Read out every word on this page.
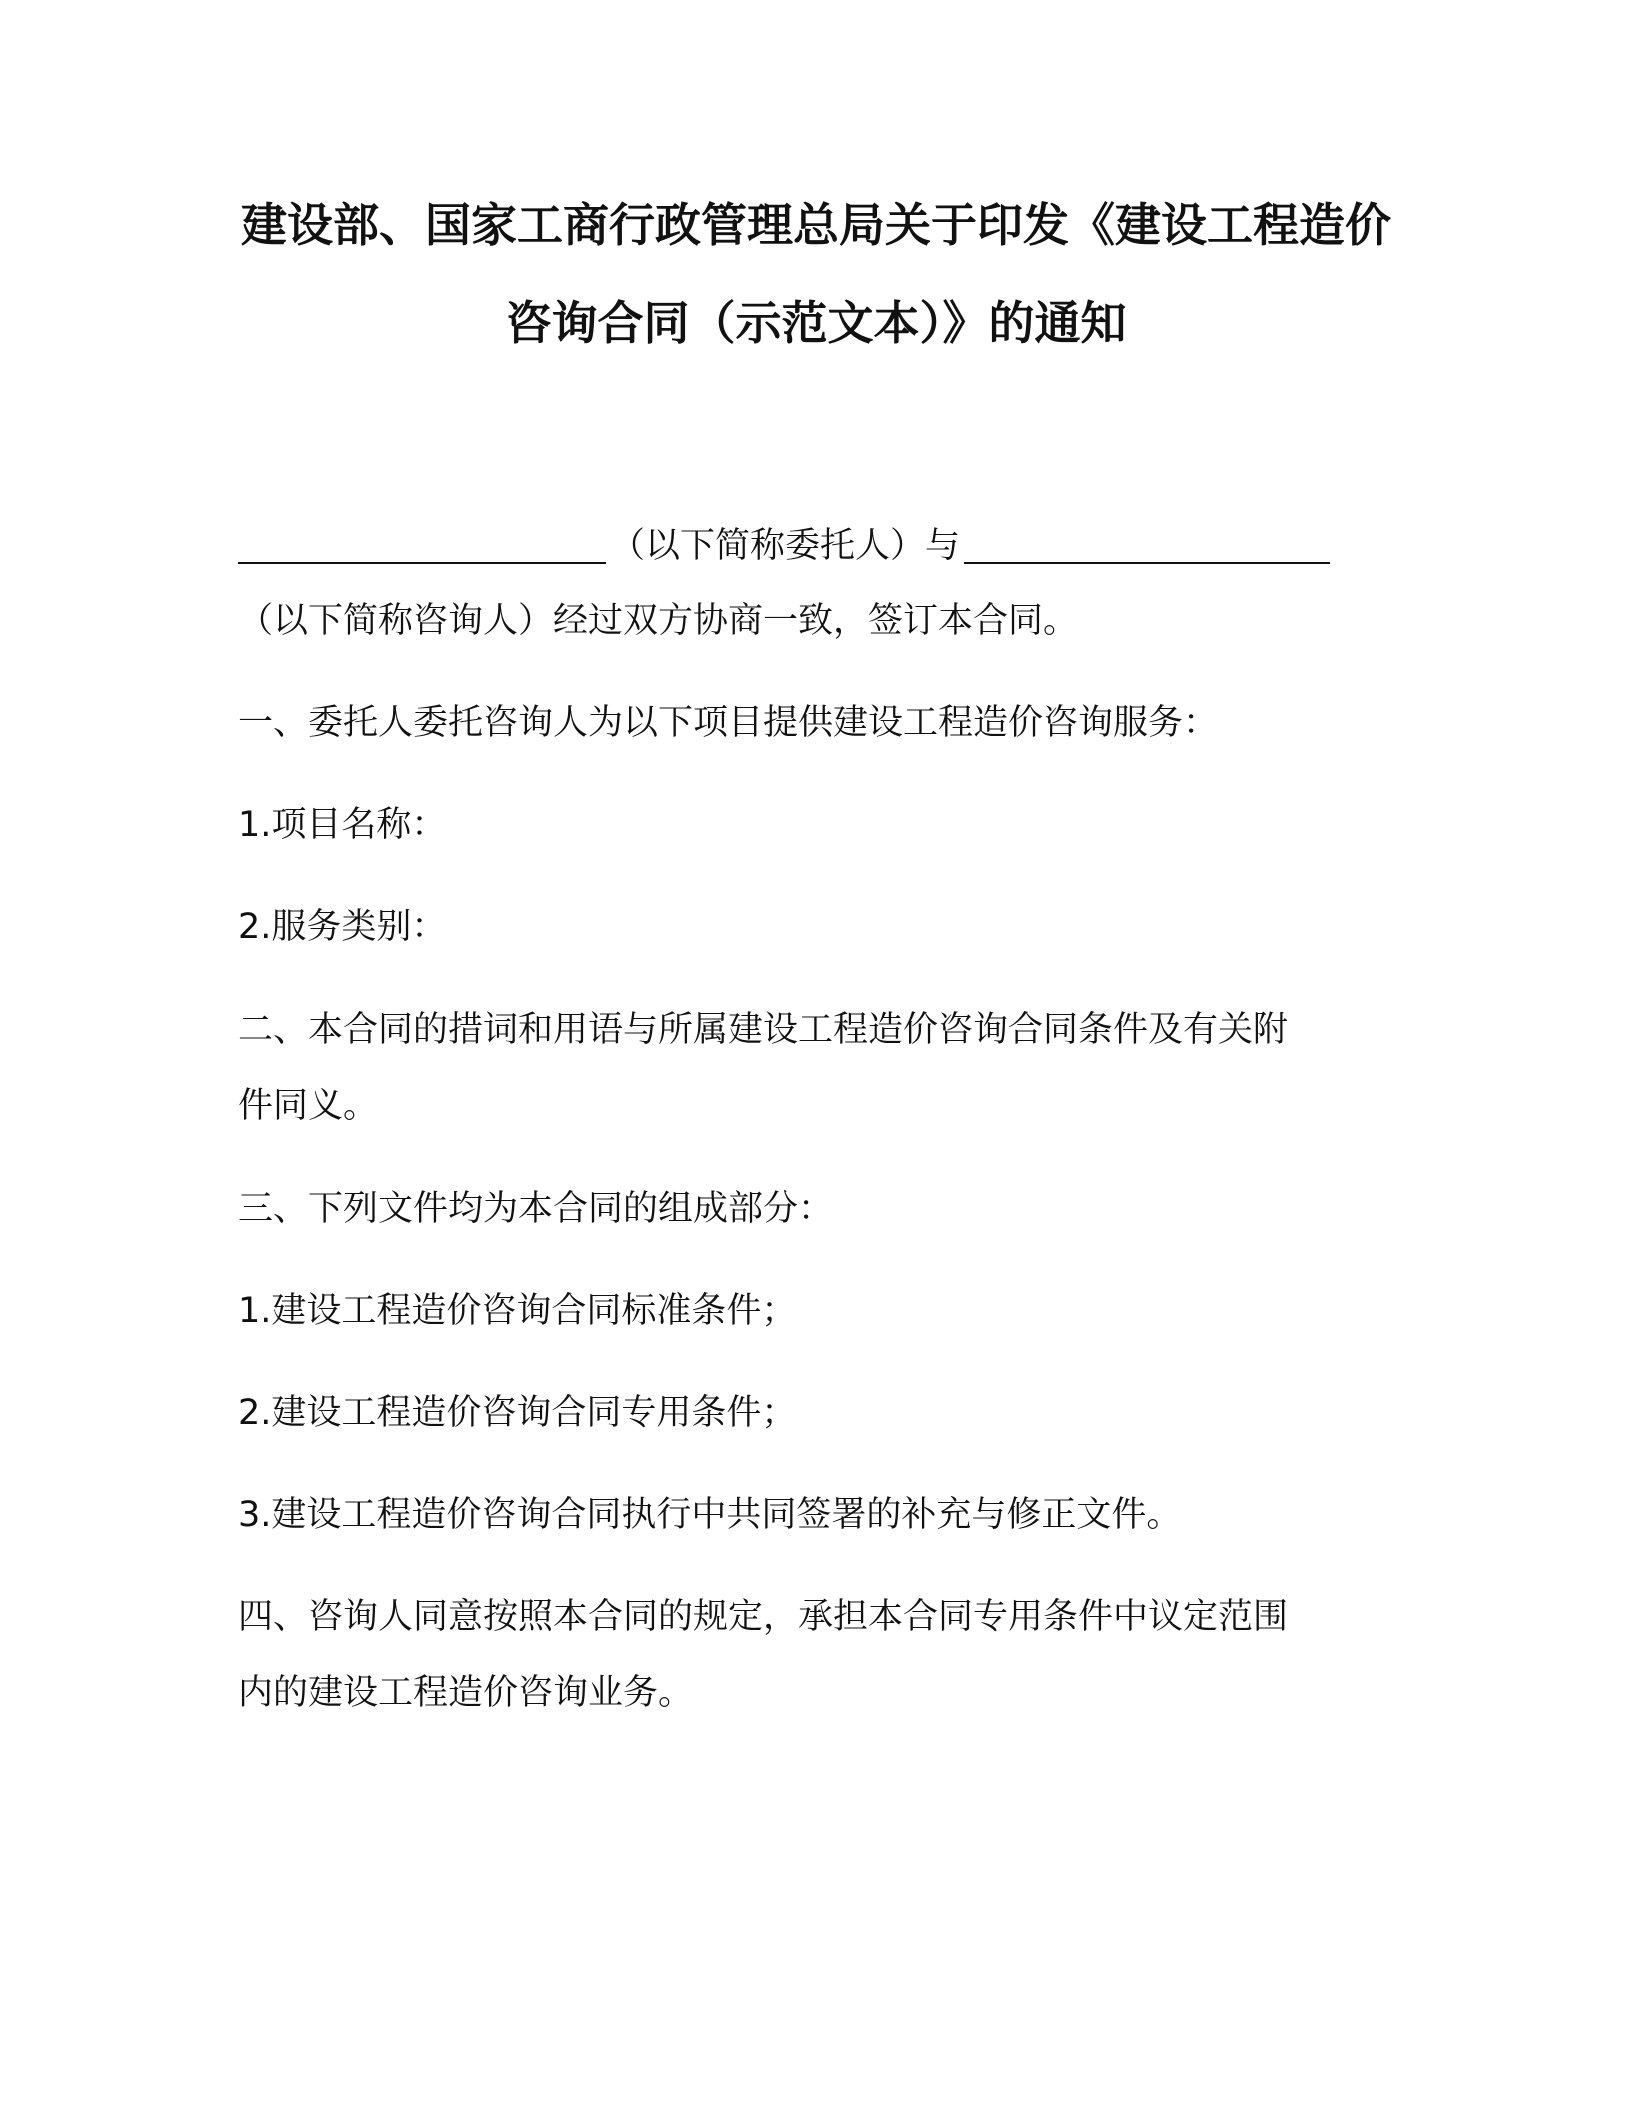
建设部、国家工商行政管理总局关于印发《建设工程造价
咨询合同（示范文本）》的通知
（以下简称委托人）与
（以下简称咨询人）经过双方协商一致，签订本合同。
一、委托人委托咨询人为以下项目提供建设工程造价咨询服务：
1.项目名称：
2.服务类别：
二、本合同的措词和用语与所属建设工程造价咨询合同条件及有关附
件同义。
三、下列文件均为本合同的组成部分：
1.建设工程造价咨询合同标准条件；
2.建设工程造价咨询合同专用条件；
3.建设工程造价咨询合同执行中共同签署的补充与修正文件。
四、咨询人同意按照本合同的规定，承担本合同专用条件中议定范围
内的建设工程造价咨询业务。
